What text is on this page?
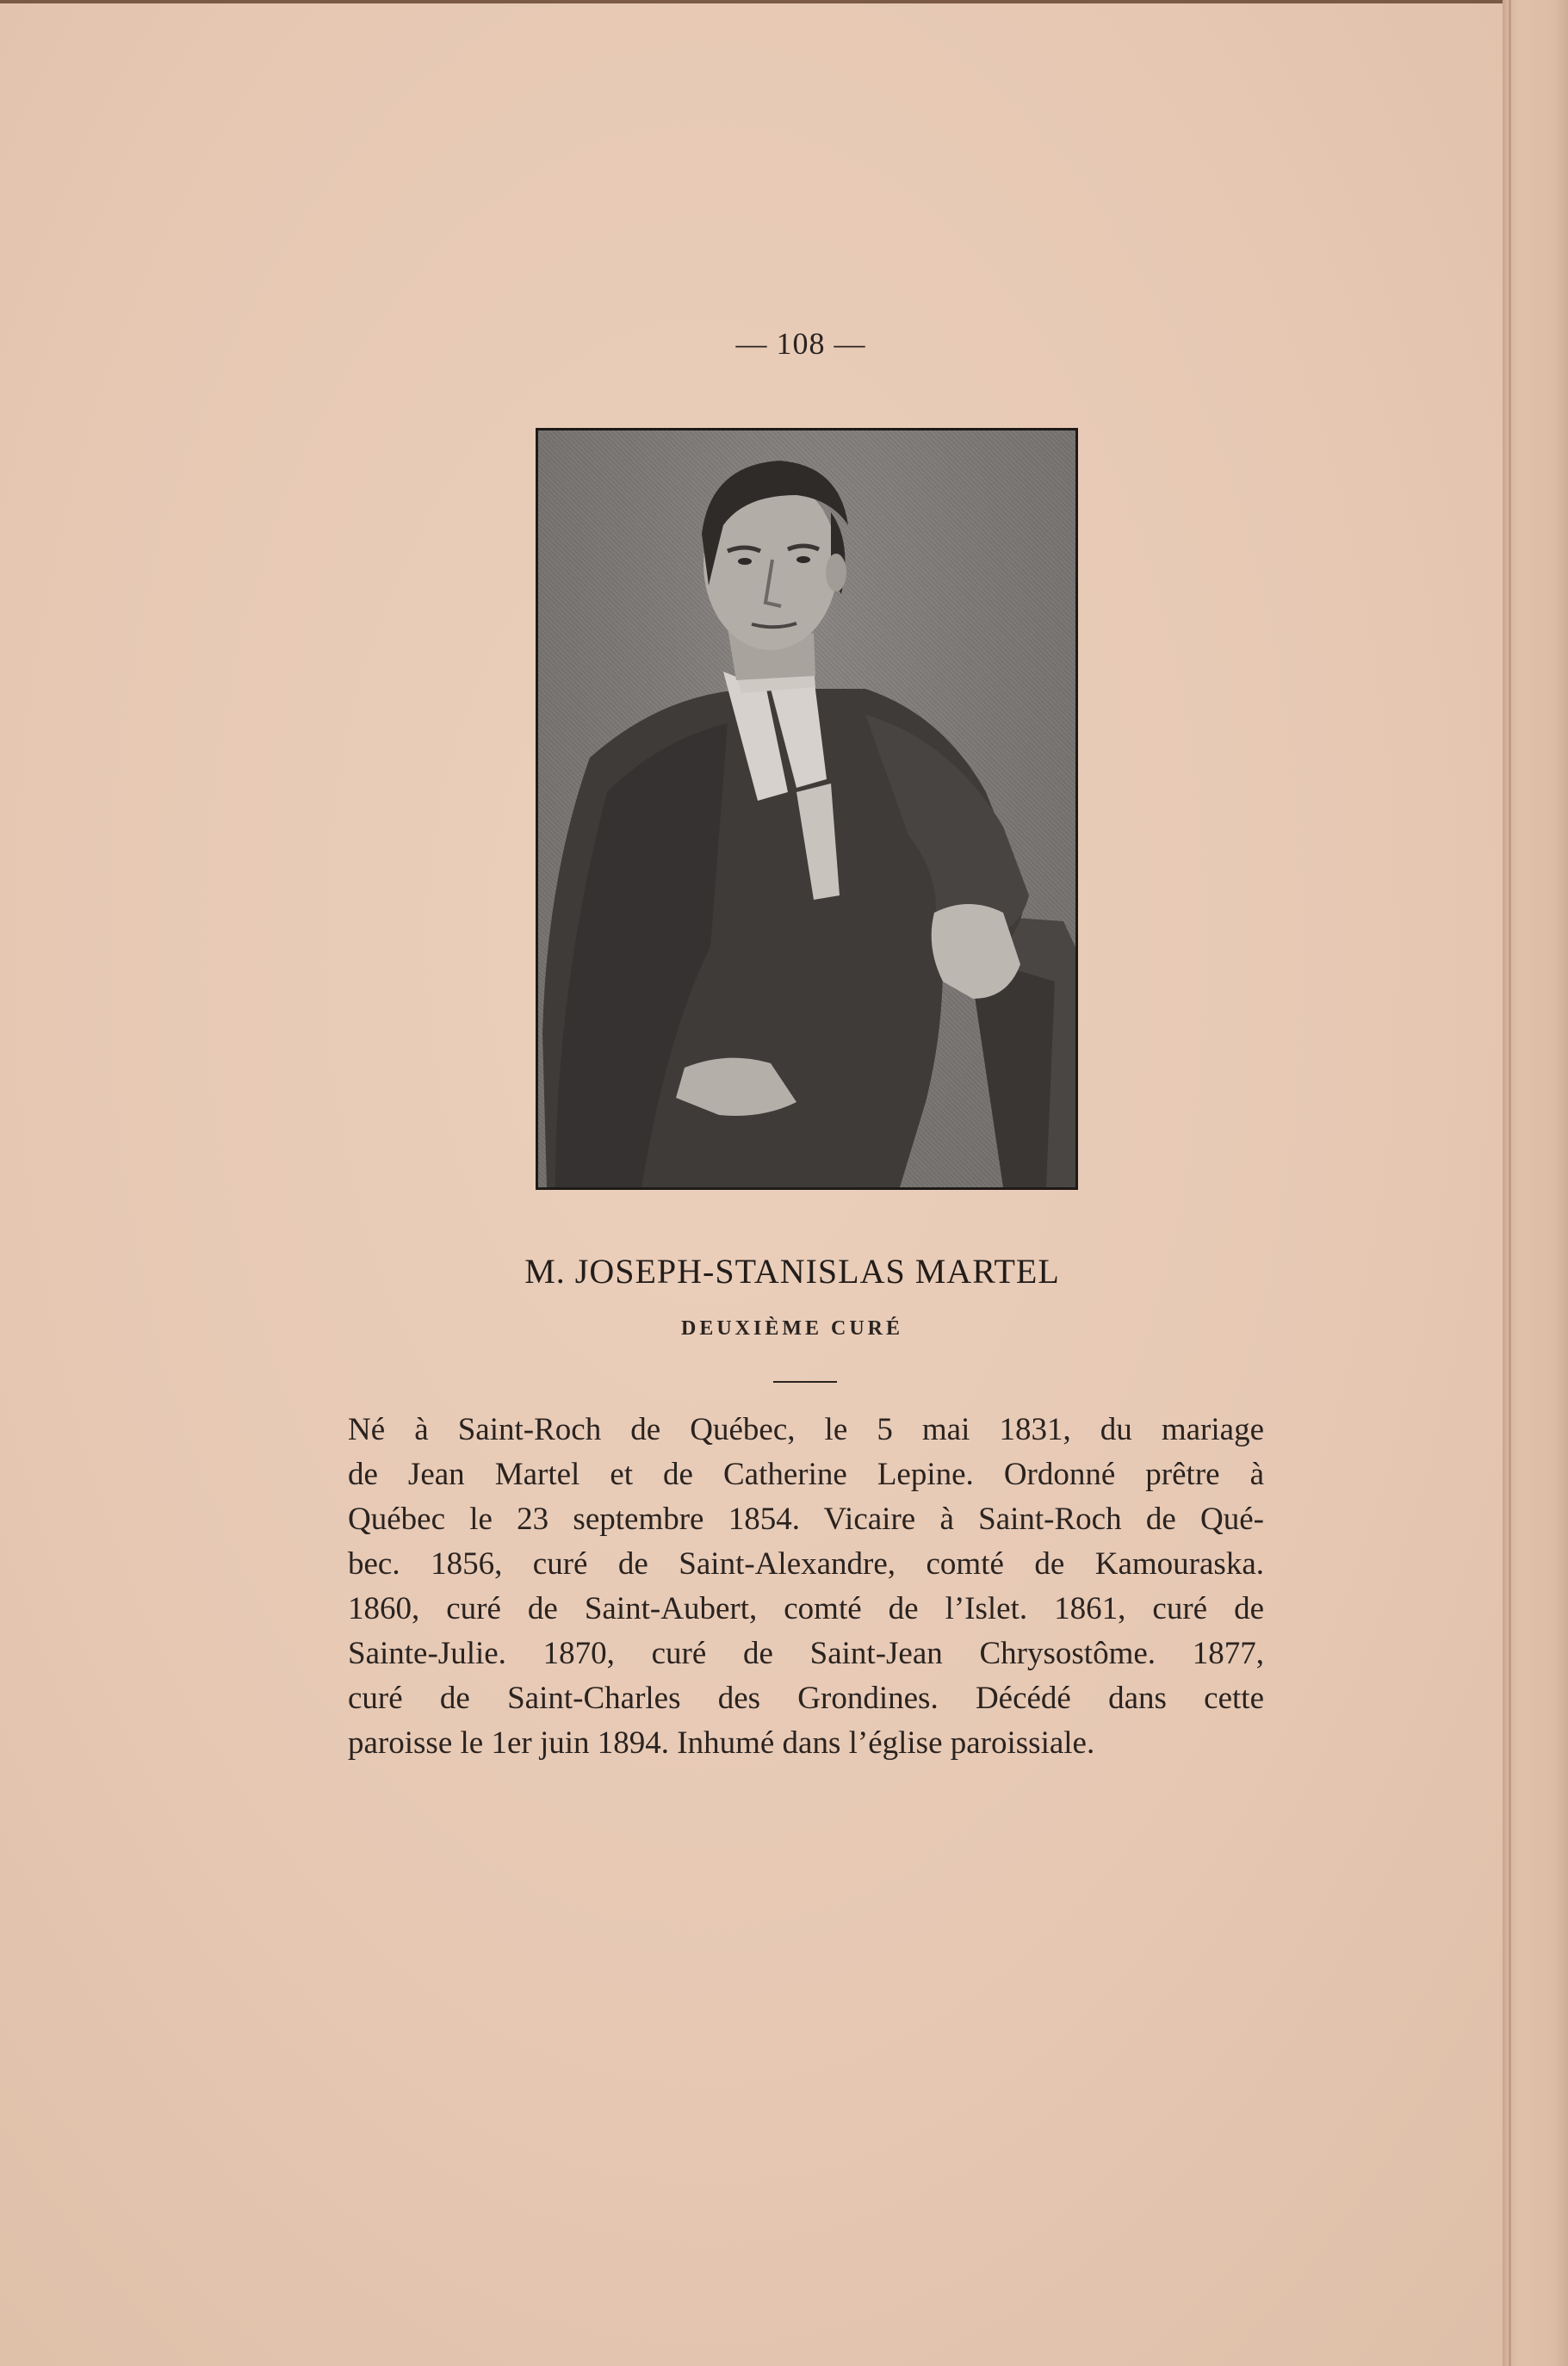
— 108 —
M. JOSEPH-STANISLAS MARTEL
DEUXIÈME CURÉ
Né à Saint-Roch de Québec, le 5 mai 1831, du mariage
de Jean Martel et de Catherine Lepine. Ordonné prêtre à
Québec le 23 septembre 1854. Vicaire à Saint-Roch de Qué-
bec. 1856, curé de Saint-Alexandre, comté de Kamouraska.
1860, curé de Saint-Aubert, comté de l’Islet. 1861, curé de
Sainte-Julie. 1870, curé de Saint-Jean Chrysostôme. 1877,
curé de Saint-Charles des Grondines. Décédé dans cette
paroisse le 1er juin 1894. Inhumé dans l’église paroissiale.
